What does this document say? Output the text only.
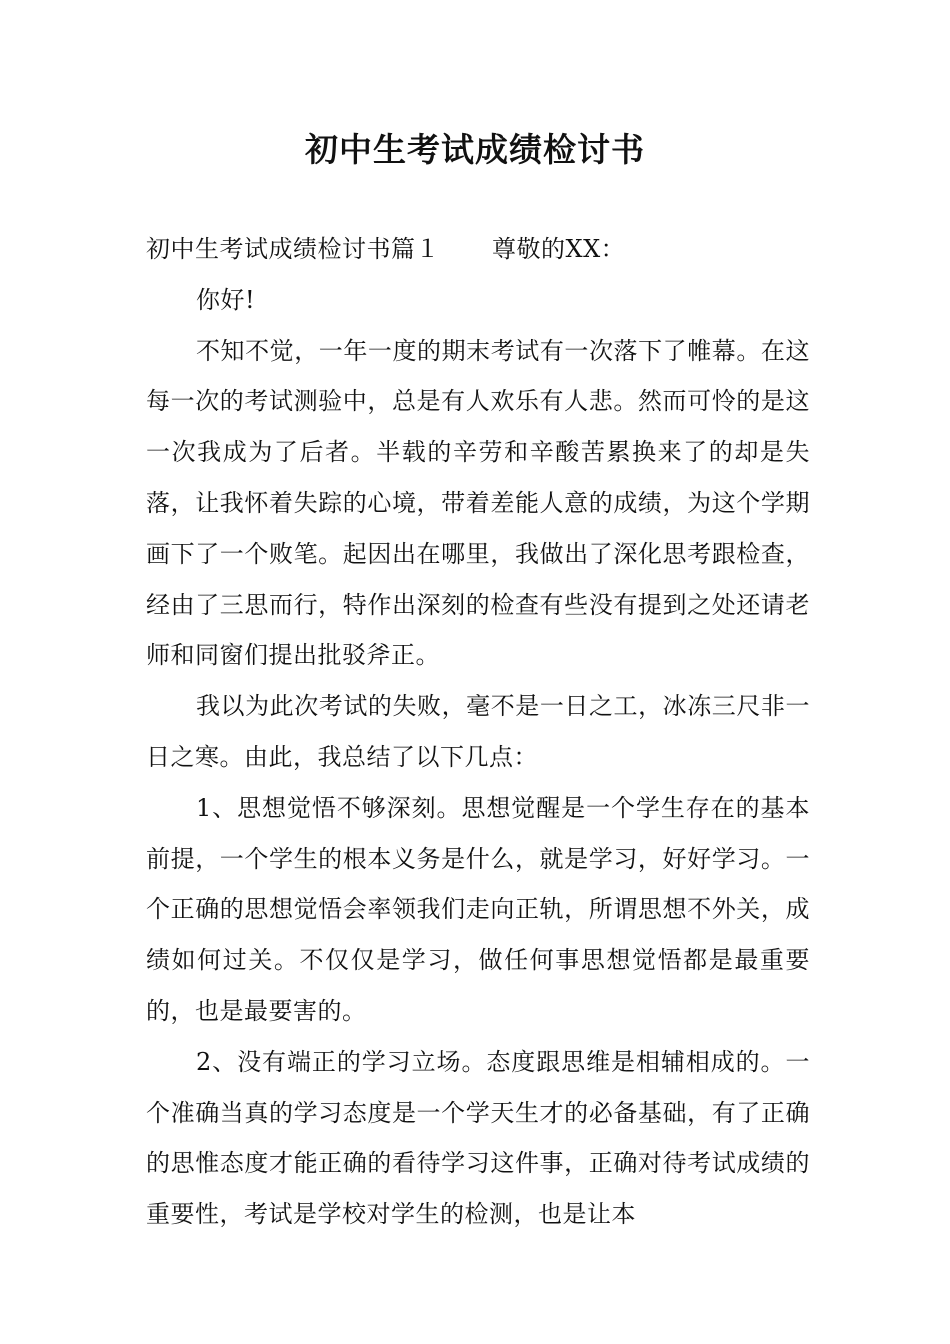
初中生考试成绩检讨书

初中生考试成绩检讨书篇１ 尊敬的XX：

你好!

不知不觉，一年一度的期末考试有一次落下了帷幕。在这每一次的考试测验中，总是有人欢乐有人悲。然而可怜的是这一次我成为了后者。半载的辛劳和辛酸苦累换来了的却是失落，让我怀着失踪的心境，带着差能人意的成绩，为这个学期画下了一个败笔。起因出在哪里，我做出了深化思考跟检查，经由了三思而行，特作出深刻的检查有些没有提到之处还请老师和同窗们提出批驳斧正。

我以为此次考试的失败，毫不是一日之工，冰冻三尺非一日之寒。由此，我总结了以下几点：

1、思想觉悟不够深刻。思想觉醒是一个学生存在的基本前提，一个学生的根本义务是什么，就是学习，好好学习。一个正确的思想觉悟会率领我们走向正轨，所谓思想不外关，成绩如何过关。不仅仅是学习，做任何事思想觉悟都是最重要的，也是最要害的。

2、没有端正的学习立场。态度跟思维是相辅相成的。一个准确当真的学习态度是一个学天生才的必备基础，有了正确的思惟态度才能正确的看待学习这件事，正确对待考试成绩的重要性，考试是学校对学生的检测，也是让本
